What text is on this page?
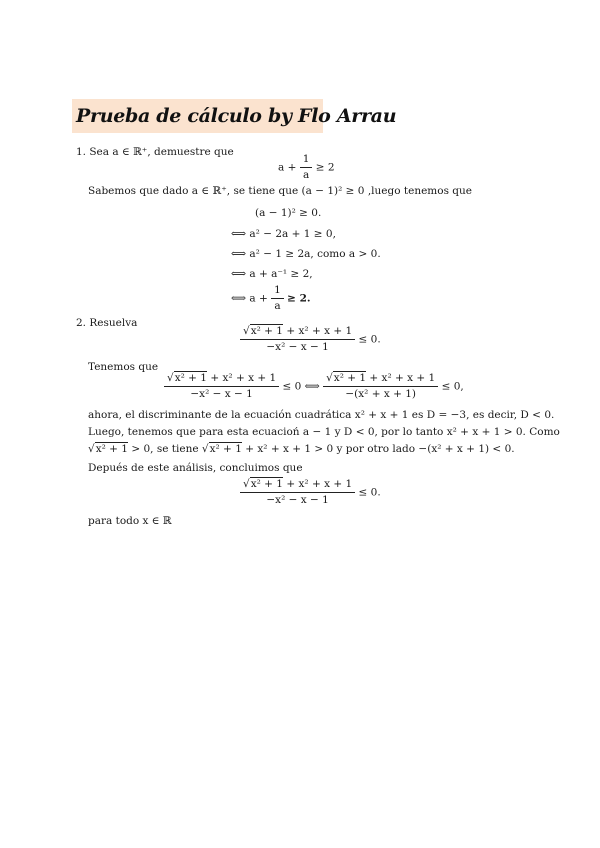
Prueba de cálculo by Flo Arrau
1. Sea a ∈ ℝ⁺, demuestre que
$a + \frac{1}{a} \ge 2$
Sabemos que dado a ∈ ℝ⁺, se tiene que (a − 1)² ≥ 0 ,luego tenemos que
(a − 1)² ≥ 0.
⟺ a² − 2a + 1 ≥ 0,
⟺ a² − 1 ≥ 2a, como a > 0.
⟺ a + a⁻¹ ≥ 2,
⟺ $a + \frac{1}{a} \ge 2$.
2. Resuelva
$\frac{\text{√x² + 1 + x² + x + 1}}{\text{−x² − x − 1}} \le 0$.
Tenemos que
$\frac{\text{√x² + 1 + x² + x + 1}}{\text{−x² − x − 1}} \le 0$ ⟺ $\frac{\text{√x² + 1 + x² + x + 1}}{\text{−(x² + x + 1)}} \le 0$,
ahora, el discriminante de la ecuación cuadrática x² + x + 1 es D = −3, es decir, D < 0.
Luego, tenemos que para esta ecuacioń a − 1 y D < 0, por lo tanto x² + x + 1 > 0. Como
√x² + 1 > 0, se tiene √x² + 1 + x² + x + 1 > 0 y por otro lado −(x² + x + 1) < 0.
Depués de este análisis, concluimos que
$\frac{\text{√x² + 1 + x² + x + 1}}{\text{−x² − x − 1}} \le 0$.
para todo x ∈ ℝ
